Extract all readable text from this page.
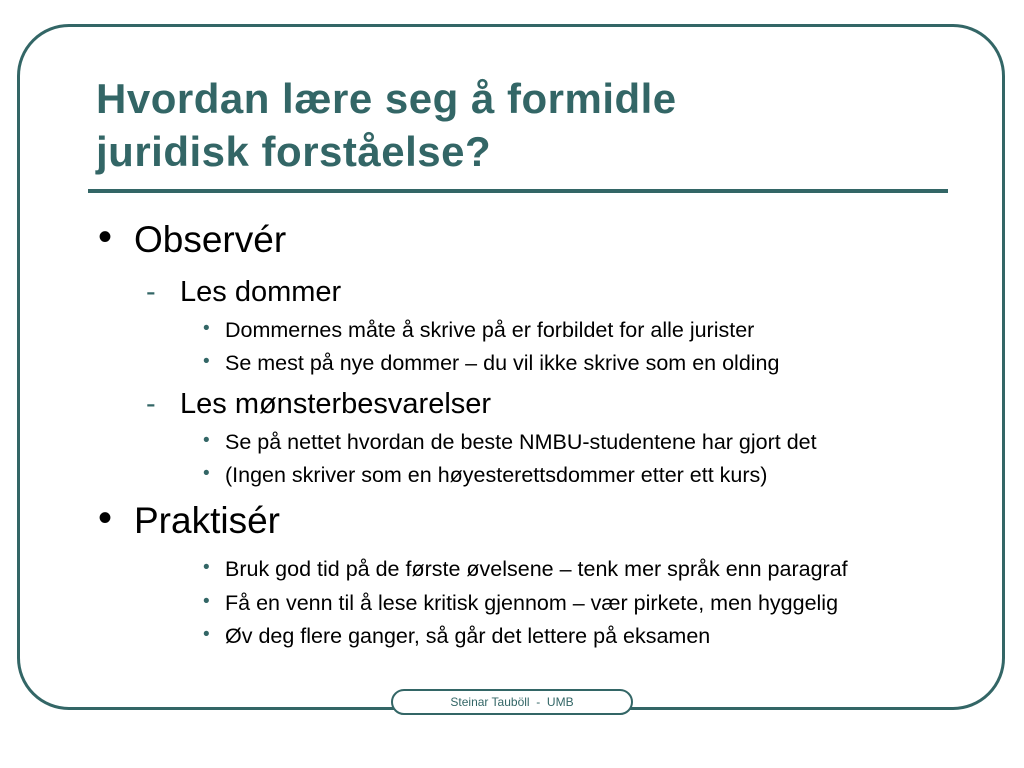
Hvordan lære seg å formidle
juridisk forståelse?
• Observér
- Les dommer
• Dommernes måte å skrive på er forbildet for alle jurister
• Se mest på nye dommer – du vil ikke skrive som en olding
- Les mønsterbesvarelser
• Se på nettet hvordan de beste NMBU-studentene har gjort det
• (Ingen skriver som en høyesterettsdommer etter ett kurs)
• Praktisér
• Bruk god tid på de første øvelsene – tenk mer språk enn paragraf
• Få en venn til å lese kritisk gjennom – vær pirkete, men hyggelig
• Øv deg flere ganger, så går det lettere på eksamen
Steinar Tauböll  -  UMB
